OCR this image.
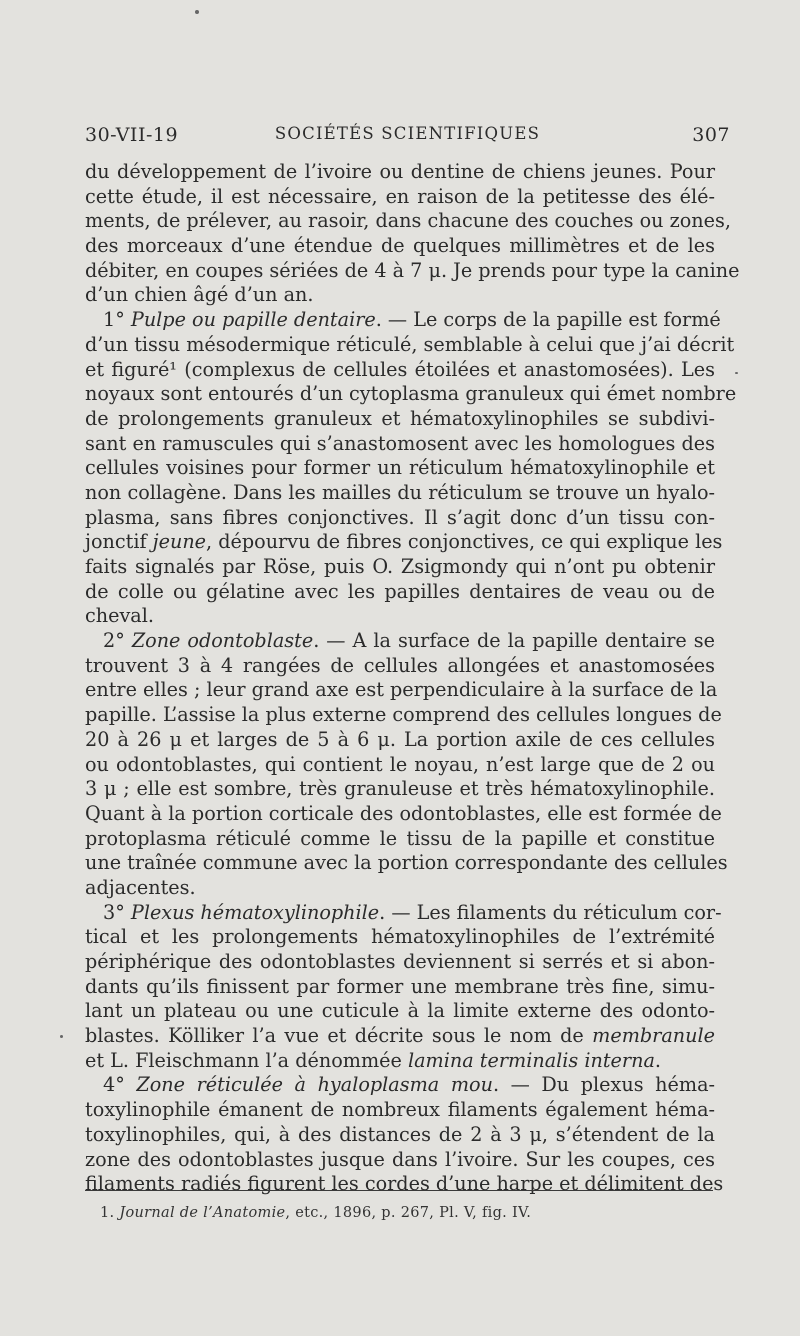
30-VII-19	SOCIÉTÉS SCIENTIFIQUES	307
du développement de l’ivoire ou dentine de chiens jeunes. Pour
cette étude, il est nécessaire, en raison de la petitesse des élé-
ments, de prélever, au rasoir, dans chacune des couches ou zones,
des morceaux d’une étendue de quelques millimètres et de les
débiter, en coupes sériées de 4 à 7 μ. Je prends pour type la canine
d’un chien âgé d’un an.
1° Pulpe ou papille dentaire. — Le corps de la papille est formé
d’un tissu mésodermique réticulé, semblable à celui que j’ai décrit
et figuré¹ (complexus de cellules étoilées et anastomosées). Les
noyaux sont entourés d’un cytoplasma granuleux qui émet nombre
de prolongements granuleux et hématoxylinophiles se subdivi-
sant en ramuscules qui s’anastomosent avec les homologues des
cellules voisines pour former un réticulum hématoxylinophile et
non collagène. Dans les mailles du réticulum se trouve un hyalo-
plasma, sans fibres conjonctives. Il s’agit donc d’un tissu con-
jonctif jeune, dépourvu de fibres conjonctives, ce qui explique les
faits signalés par Röse, puis O. Zsigmondy qui n’ont pu obtenir
de colle ou gélatine avec les papilles dentaires de veau ou de
cheval.
2° Zone odontoblaste. — A la surface de la papille dentaire se
trouvent 3 à 4 rangées de cellules allongées et anastomosées
entre elles ; leur grand axe est perpendiculaire à la surface de la
papille. L’assise la plus externe comprend des cellules longues de
20 à 26 μ et larges de 5 à 6 μ. La portion axile de ces cellules
ou odontoblastes, qui contient le noyau, n’est large que de 2 ou
3 μ ; elle est sombre, très granuleuse et très hématoxylinophile.
Quant à la portion corticale des odontoblastes, elle est formée de
protoplasma réticulé comme le tissu de la papille et constitue
une traînée commune avec la portion correspondante des cellules
adjacentes.
3° Plexus hématoxylinophile. — Les filaments du réticulum cor-
tical et les prolongements hématoxylinophiles de l’extrémité
périphérique des odontoblastes deviennent si serrés et si abon-
dants qu’ils finissent par former une membrane très fine, simu-
lant un plateau ou une cuticule à la limite externe des odonto-
blastes. Kölliker l’a vue et décrite sous le nom de membranule
et L. Fleischmann l’a dénommée lamina terminalis interna.
4° Zone réticulée à hyaloplasma mou. — Du plexus héma-
toxylinophile émanent de nombreux filaments également héma-
toxylinophiles, qui, à des distances de 2 à 3 μ, s’étendent de la
zone des odontoblastes jusque dans l’ivoire. Sur les coupes, ces
filaments radiés figurent les cordes d’une harpe et délimitent des
1. Journal de l’Anatomie, etc., 1896, p. 267, Pl. V, fig. IV.
